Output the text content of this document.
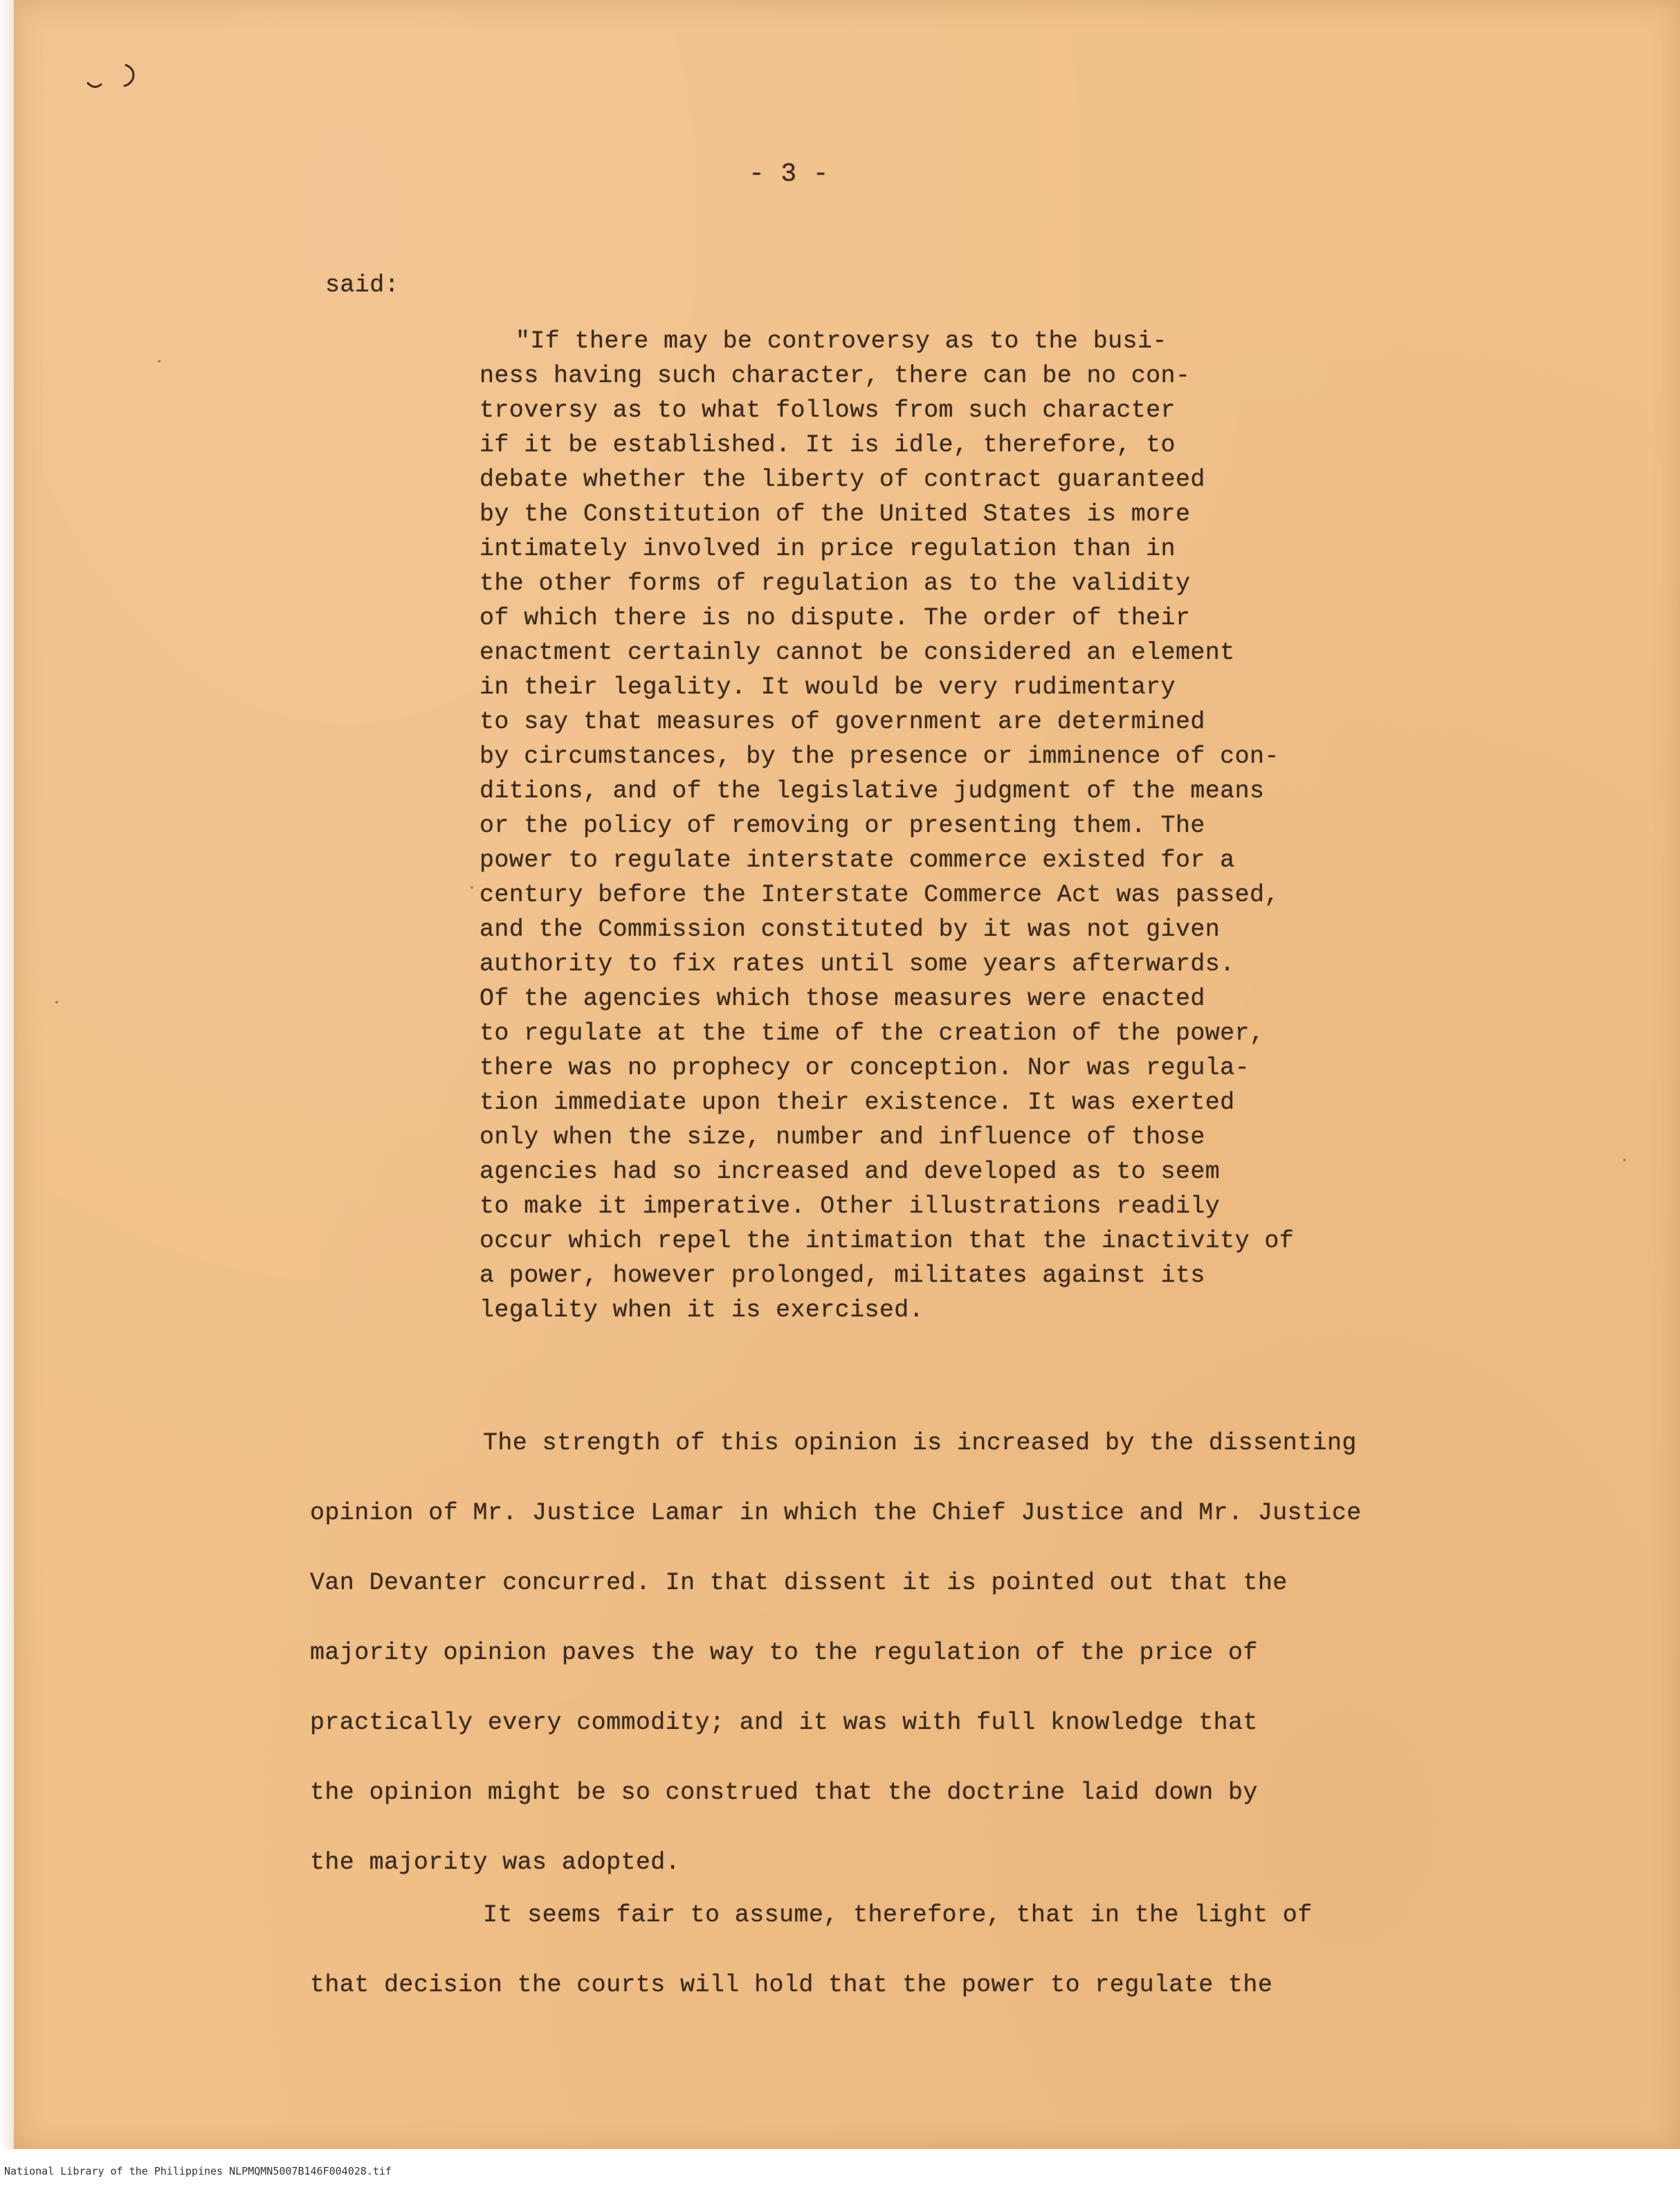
- 3 -
said:
"If there may be controversy as to the busi-
ness having such character, there can be no con-
troversy as to what follows from such character
if it be established. It is idle, therefore, to
debate whether the liberty of contract guaranteed
by the Constitution of the United States is more
intimately involved in price regulation than in
the other forms of regulation as to the validity
of which there is no dispute. The order of their
enactment certainly cannot be considered an element
in their legality. It would be very rudimentary
to say that measures of government are determined
by circumstances, by the presence or imminence of con-
ditions, and of the legislative judgment of the means
or the policy of removing or presenting them. The
power to regulate interstate commerce existed for a
century before the Interstate Commerce Act was passed,
and the Commission constituted by it was not given
authority to fix rates until some years afterwards.
Of the agencies which those measures were enacted
to regulate at the time of the creation of the power,
there was no prophecy or conception. Nor was regula-
tion immediate upon their existence. It was exerted
only when the size, number and influence of those
agencies had so increased and developed as to seem
to make it imperative. Other illustrations readily
occur which repel the intimation that the inactivity of
a power, however prolonged, militates against its
legality when it is exercised.
The strength of this opinion is increased by the dissenting
opinion of Mr. Justice Lamar in which the Chief Justice and Mr. Justice
Van Devanter concurred. In that dissent it is pointed out that the
majority opinion paves the way to the regulation of the price of
practically every commodity; and it was with full knowledge that
the opinion might be so construed that the doctrine laid down by
the majority was adopted.
It seems fair to assume, therefore, that in the light of
that decision the courts will hold that the power to regulate the
National Library of the Philippines NLPMQMN5007B146F004028.tif
